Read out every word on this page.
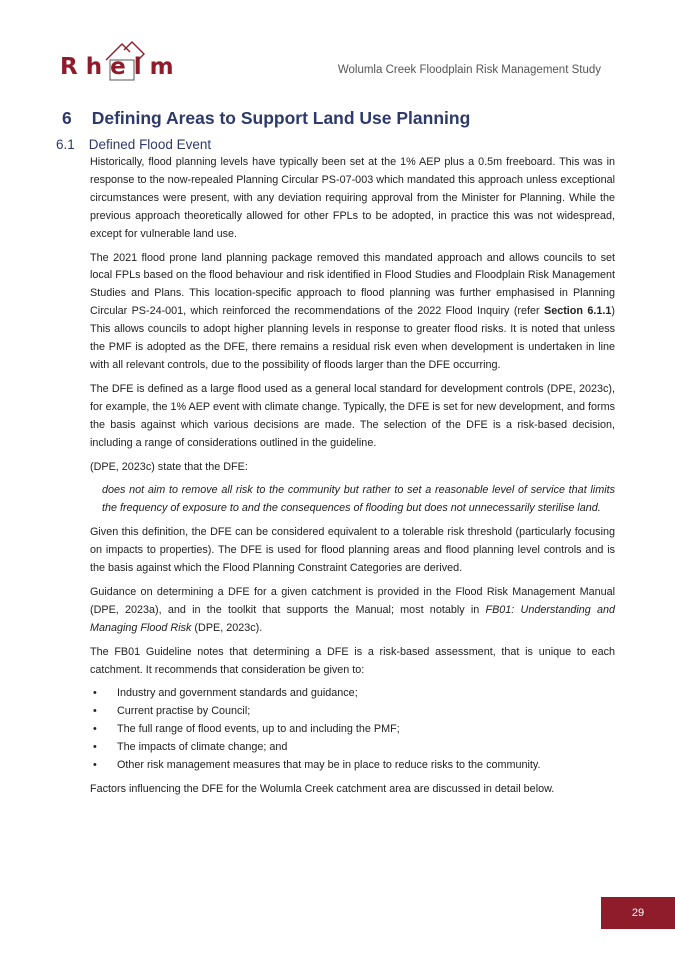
Rhelm	Wolumla Creek Floodplain Risk Management Study
6 Defining Areas to Support Land Use Planning
6.1 Defined Flood Event

Historically, flood planning levels have typically been set at the 1% AEP plus a 0.5m freeboard. This was in response to the now-repealed Planning Circular PS-07-003 which mandated this approach unless exceptional circumstances were present, with any deviation requiring approval from the Minister for Planning. While the previous approach theoretically allowed for other FPLs to be adopted, in practice this was not widespread, except for vulnerable land use.

The 2021 flood prone land planning package removed this mandated approach and allows councils to set local FPLs based on the flood behaviour and risk identified in Flood Studies and Floodplain Risk Management Studies and Plans. This location-specific approach to flood planning was further emphasised in Planning Circular PS-24-001, which reinforced the recommendations of the 2022 Flood Inquiry (refer Section 6.1.1) This allows councils to adopt higher planning levels in response to greater flood risks. It is noted that unless the PMF is adopted as the DFE, there remains a residual risk even when development is undertaken in line with all relevant controls, due to the possibility of floods larger than the DFE occurring.

The DFE is defined as a large flood used as a general local standard for development controls (DPE, 2023c), for example, the 1% AEP event with climate change. Typically, the DFE is set for new development, and forms the basis against which various decisions are made. The selection of the DFE is a risk-based decision, including a range of considerations outlined in the guideline.

(DPE, 2023c) state that the DFE:

does not aim to remove all risk to the community but rather to set a reasonable level of service that limits the frequency of exposure to and the consequences of flooding but does not unnecessarily sterilise land.

Given this definition, the DFE can be considered equivalent to a tolerable risk threshold (particularly focusing on impacts to properties). The DFE is used for flood planning areas and flood planning level controls and is the basis against which the Flood Planning Constraint Categories are derived.

Guidance on determining a DFE for a given catchment is provided in the Flood Risk Management Manual (DPE, 2023a), and in the toolkit that supports the Manual; most notably in FB01: Understanding and Managing Flood Risk (DPE, 2023c).

The FB01 Guideline notes that determining a DFE is a risk-based assessment, that is unique to each catchment. It recommends that consideration be given to:

• Industry and government standards and guidance;
• Current practise by Council;
• The full range of flood events, up to and including the PMF;
• The impacts of climate change; and
• Other risk management measures that may be in place to reduce risks to the community.

Factors influencing the DFE for the Wolumla Creek catchment area are discussed in detail below.

29
